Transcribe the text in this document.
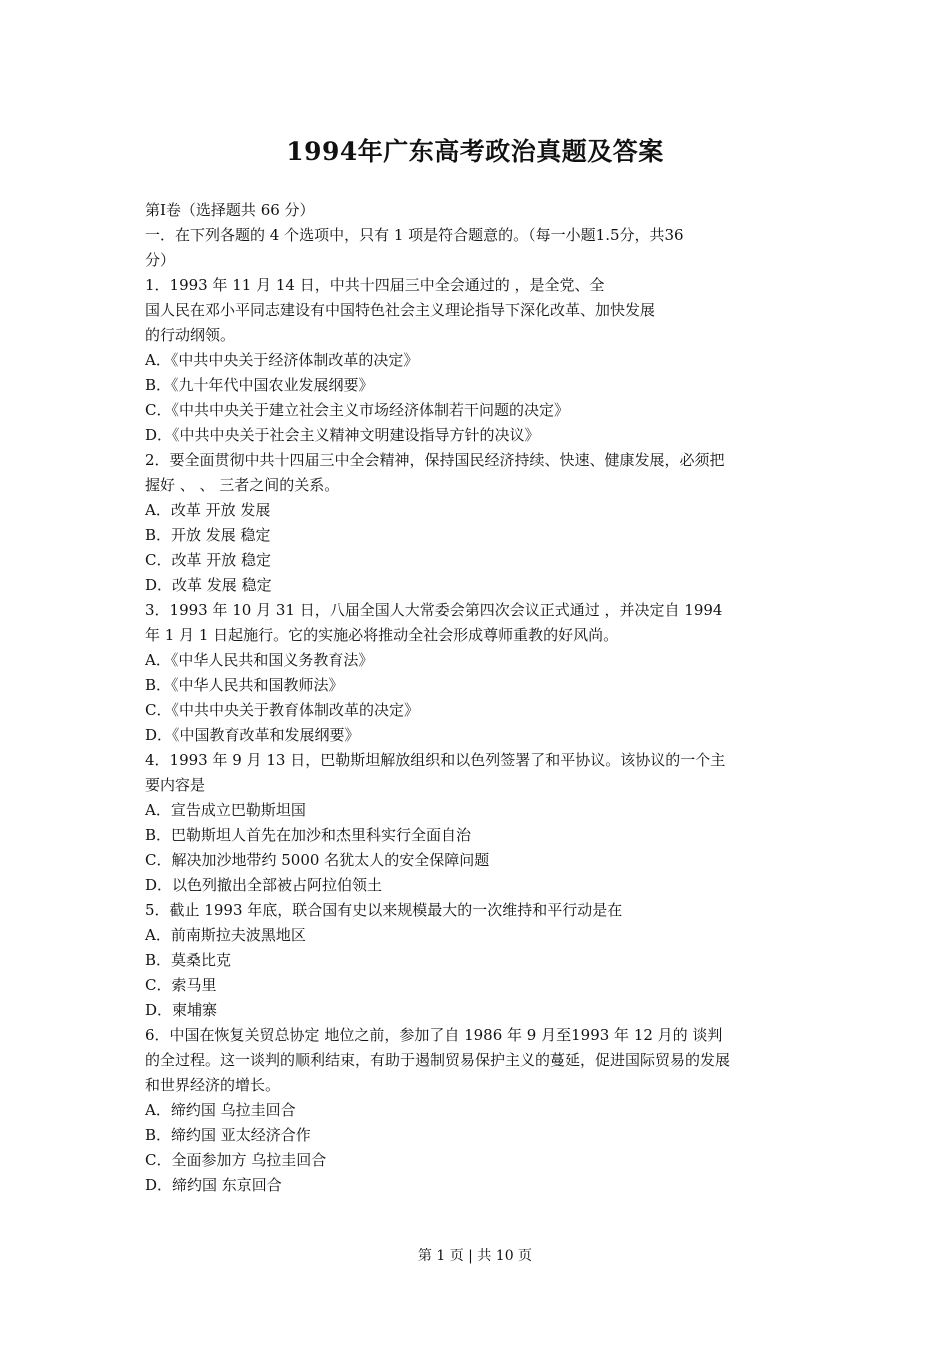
1994年广东高考政治真题及答案
第Ⅰ卷（选择题共 66 分）
一．在下列各题的 4 个选项中，只有 1 项是符合题意的。（每一小题1.5分，共36
分）
1．1993 年 11 月 14 日，中共十四届三中全会通过的 ，是全党、全
国人民在邓小平同志建设有中国特色社会主义理论指导下深化改革、加快发展
的行动纲领。
A．《中共中央关于经济体制改革的决定》
B．《九十年代中国农业发展纲要》
C．《中共中央关于建立社会主义市场经济体制若干问题的决定》
D．《中共中央关于社会主义精神文明建设指导方针的决议》
2．要全面贯彻中共十四届三中全会精神，保持国民经济持续、快速、健康发展，必须把
握好 、 、 三者之间的关系。
A．改革 开放 发展
B．开放 发展 稳定
C．改革 开放 稳定
D．改革 发展 稳定
3．1993 年 10 月 31 日，八届全国人大常委会第四次会议正式通过 ，并决定自 1994
年 1 月 1 日起施行。它的实施必将推动全社会形成尊师重教的好风尚。
A．《中华人民共和国义务教育法》
B．《中华人民共和国教师法》
C．《中共中央关于教育体制改革的决定》
D．《中国教育改革和发展纲要》
4．1993 年 9 月 13 日，巴勒斯坦解放组织和以色列签署了和平协议。该协议的一个主
要内容是
A．宣告成立巴勒斯坦国
B．巴勒斯坦人首先在加沙和杰里科实行全面自治
C．解决加沙地带约 5000 名犹太人的安全保障问题
D．以色列撤出全部被占阿拉伯领土
5．截止 1993 年底，联合国有史以来规模最大的一次维持和平行动是在
A．前南斯拉夫波黑地区
B．莫桑比克
C．索马里
D．柬埔寨
6．中国在恢复关贸总协定 地位之前，参加了自 1986 年 9 月至1993 年 12 月的 谈判
的全过程。这一谈判的顺利结束，有助于遏制贸易保护主义的蔓延，促进国际贸易的发展
和世界经济的增长。
A．缔约国 乌拉圭回合
B．缔约国 亚太经济合作
C．全面参加方 乌拉圭回合
D．缔约国 东京回合
第 1 页 | 共 10 页
